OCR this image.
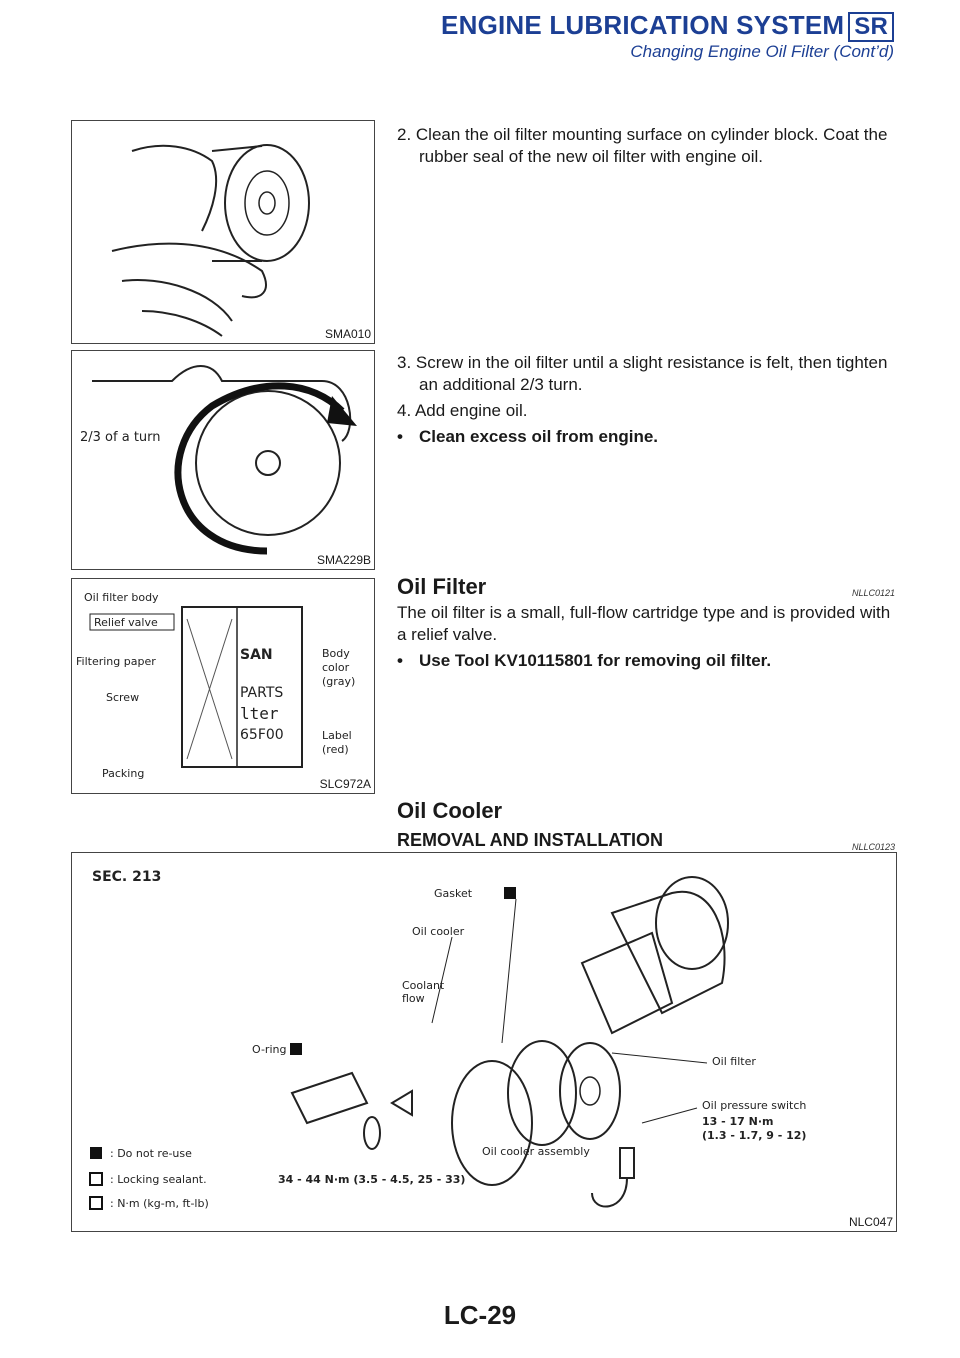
ENGINE LUBRICATION SYSTEM SR
Changing Engine Oil Filter (Cont’d)
SMA010

2. Clean the oil filter mounting surface on cylinder block. Coat the
rubber seal of the new oil filter with engine oil.

2/3 of a turn
SMA229B

3. Screw in the oil filter until a slight resistance is felt, then tighten
an additional 2/3 turn.

4. Add engine oil.

• Clean excess oil from engine.
Oil filter body
Relief valve
Filtering paper
Screw
Packing
SAN
PARTS
lter
65F00
Body
color
(gray)
Label
(red)
SLC972A
Oil Filter	NLLC0121
The oil filter is a small, full-flow cartridge type and is provided with
a relief valve.
• Use Tool KV10115801 for removing oil filter.
Oil Cooler
REMOVAL AND INSTALLATION	NLLC0123
SEC. 213
Gasket
Oil cooler
Coolant
flow
O-ring
Oil filter
Oil pressure switch
13 - 17 N·m
(1.3 - 1.7, 9 - 12)
Oil cooler assembly
34 - 44 N·m (3.5 - 4.5, 25 - 33)
: Do not re-use
: Locking sealant.
: N·m (kg-m, ft-lb)
NLC047
LC-29
